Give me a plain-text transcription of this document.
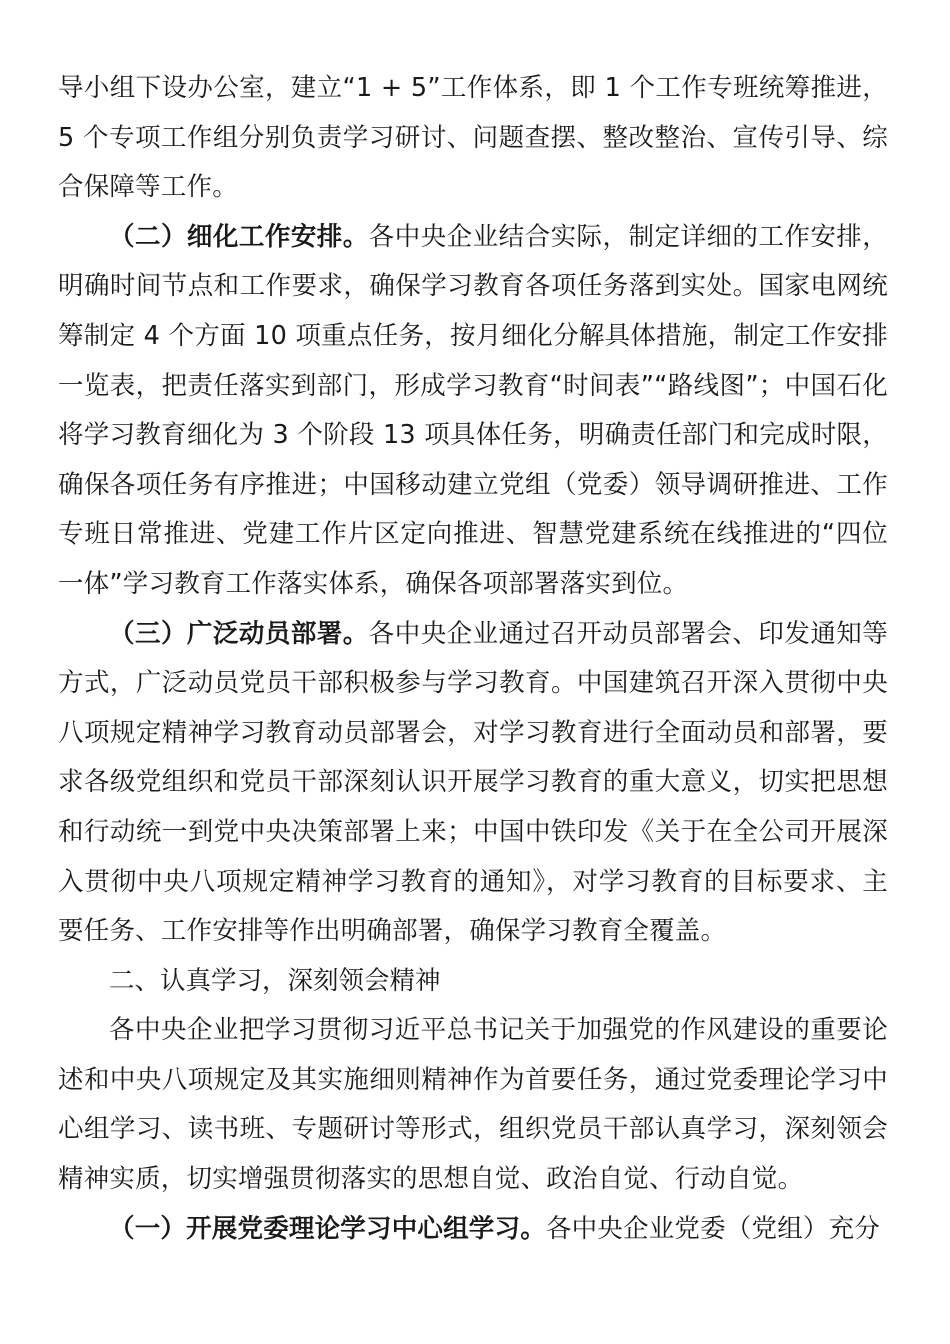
导小组下设办公室，建立“1 + 5”工作体系，即 1 个工作专班统筹推进，5 个专项工作组分别负责学习研讨、问题查摆、整改整治、宣传引导、综合保障等工作。

（二）细化工作安排。各中央企业结合实际，制定详细的工作安排，明确时间节点和工作要求，确保学习教育各项任务落到实处。国家电网统筹制定 4 个方面 10 项重点任务，按月细化分解具体措施，制定工作安排一览表，把责任落实到部门，形成学习教育“时间表”“路线图”；中国石化将学习教育细化为 3 个阶段 13 项具体任务，明确责任部门和完成时限，确保各项任务有序推进；中国移动建立党组（党委）领导调研推进、工作专班日常推进、党建工作片区定向推进、智慧党建系统在线推进的“四位一体”学习教育工作落实体系，确保各项部署落实到位。

（三）广泛动员部署。各中央企业通过召开动员部署会、印发通知等方式，广泛动员党员干部积极参与学习教育。中国建筑召开深入贯彻中央八项规定精神学习教育动员部署会，对学习教育进行全面动员和部署，要求各级党组织和党员干部深刻认识开展学习教育的重大意义，切实把思想和行动统一到党中央决策部署上来；中国中铁印发《关于在全公司开展深入贯彻中央八项规定精神学习教育的通知》，对学习教育的目标要求、主要任务、工作安排等作出明确部署，确保学习教育全覆盖。

二、认真学习，深刻领会精神

各中央企业把学习贯彻习近平总书记关于加强党的作风建设的重要论述和中央八项规定及其实施细则精神作为首要任务，通过党委理论学习中心组学习、读书班、专题研讨等形式，组织党员干部认真学习，深刻领会精神实质，切实增强贯彻落实的思想自觉、政治自觉、行动自觉。

（一）开展党委理论学习中心组学习。各中央企业党委（党组）充分
